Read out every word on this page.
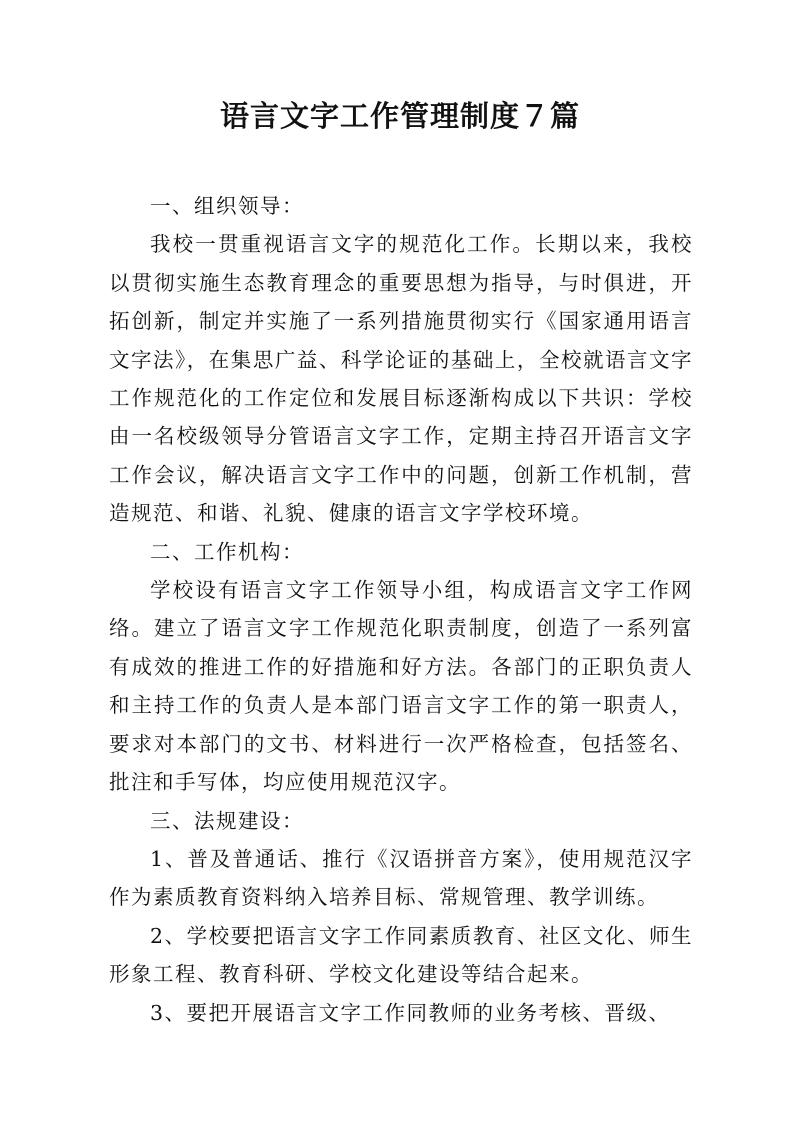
语言文字工作管理制度７篇

一、组织领导：

我校一贯重视语言文字的规范化工作。长期以来，我校以贯彻实施生态教育理念的重要思想为指导，与时俱进，开拓创新，制定并实施了一系列措施贯彻实行《国家通用语言文字法》，在集思广益、科学论证的基础上，全校就语言文字工作规范化的工作定位和发展目标逐渐构成以下共识：学校由一名校级领导分管语言文字工作，定期主持召开语言文字工作会议，解决语言文字工作中的问题，创新工作机制，营造规范、和谐、礼貌、健康的语言文字学校环境。

二、工作机构：

学校设有语言文字工作领导小组，构成语言文字工作网络。建立了语言文字工作规范化职责制度，创造了一系列富有成效的推进工作的好措施和好方法。各部门的正职负责人和主持工作的负责人是本部门语言文字工作的第一职责人，要求对本部门的文书、材料进行一次严格检查，包括签名、批注和手写体，均应使用规范汉字。

三、法规建设：

1、普及普通话、推行《汉语拼音方案》，使用规范汉字作为素质教育资料纳入培养目标、常规管理、教学训练。

2、学校要把语言文字工作同素质教育、社区文化、师生形象工程、教育科研、学校文化建设等结合起来。

3、要把开展语言文字工作同教师的业务考核、晋级、
